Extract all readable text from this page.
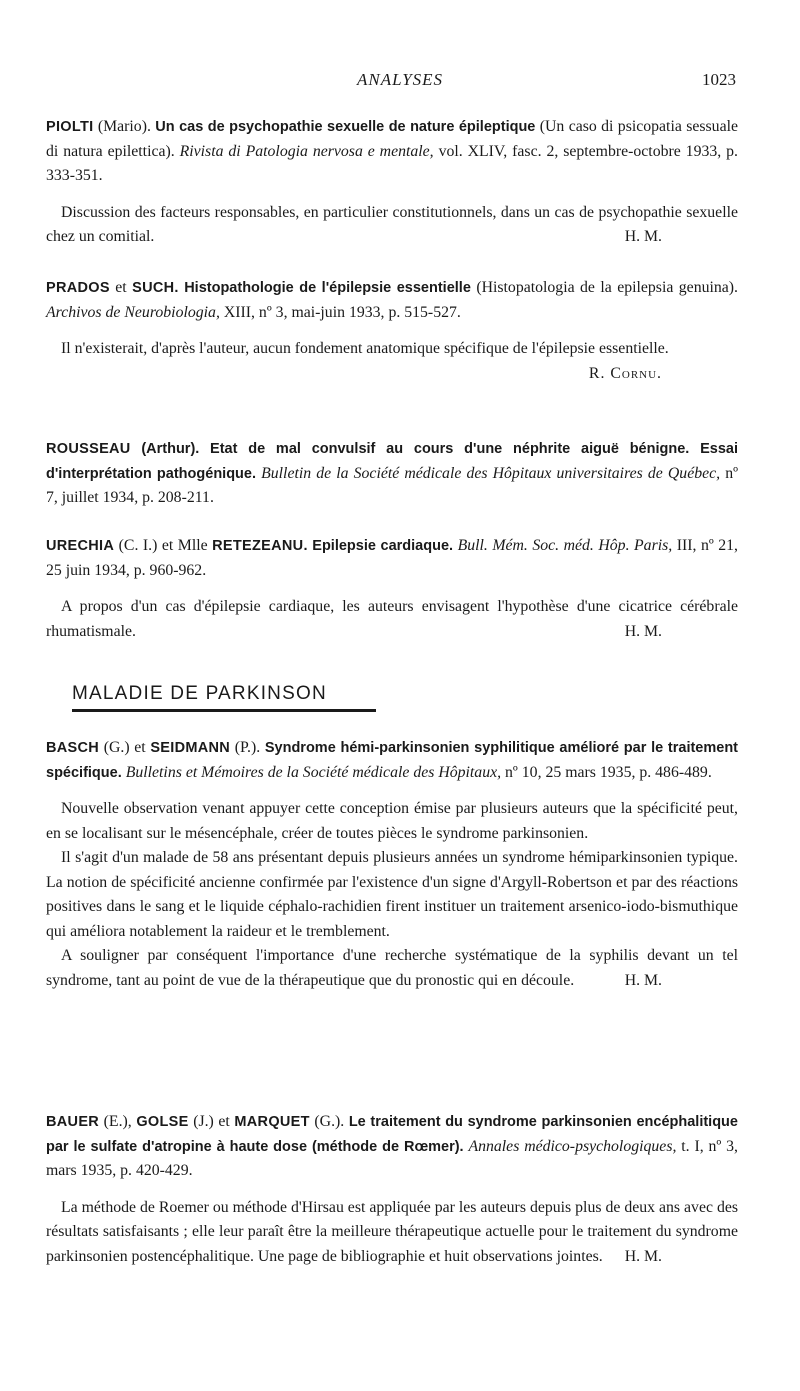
ANALYSES	1023
PIOLTI (Mario). Un cas de psychopathie sexuelle de nature épileptique (Un caso di psicopatia sessuale di natura epilettica). Rivista di Patologia nervosa e mentale, vol. XLIV, fasc. 2, septembre-octobre 1933, p. 333-351.

Discussion des facteurs responsables, en particulier constitutionnels, dans un cas de psychopathie sexuelle chez un comitial.	H. M.

PRADOS et SUCH. Histopathologie de l'épilepsie essentielle (Histopatologia de la epilepsia genuina). Archivos de Neurobiologia, XIII, nº 3, mai-juin 1933, p. 515-527.

Il n'existerait, d'après l'auteur, aucun fondement anatomique spécifique de l'épilepsie essentielle.
R. Cornu.

ROUSSEAU (Arthur). Etat de mal convulsif au cours d'une néphrite aiguë bénigne. Essai d'interprétation pathogénique. Bulletin de la Société médicale des Hôpitaux universitaires de Québec, nº 7, juillet 1934, p. 208-211.
URECHIA (C. I.) et Mlle RETEZEANU. Epilepsie cardiaque. Bull. Mém. Soc. méd. Hôp. Paris, III, nº 21, 25 juin 1934, p. 960-962.

A propos d'un cas d'épilepsie cardiaque, les auteurs envisagent l'hypothèse d'une cicatrice cérébrale rhumatismale.	H. M.

MALADIE DE PARKINSON
BASCH (G.) et SEIDMANN (P.). Syndrome hémi-parkinsonien syphilitique amélioré par le traitement spécifique. Bulletins et Mémoires de la Société médicale des Hôpitaux, nº 10, 25 mars 1935, p. 486-489.

Nouvelle observation venant appuyer cette conception émise par plusieurs auteurs que la spécificité peut, en se localisant sur le mésencéphale, créer de toutes pièces le syndrome parkinsonien.

Il s'agit d'un malade de 58 ans présentant depuis plusieurs années un syndrome hémiparkinsonien typique. La notion de spécificité ancienne confirmée par l'existence d'un signe d'Argyll-Robertson et par des réactions positives dans le sang et le liquide céphalo-rachidien firent instituer un traitement arsenico-iodo-bismuthique qui améliora notablement la raideur et le tremblement.

A souligner par conséquent l'importance d'une recherche systématique de la syphilis devant un tel syndrome, tant au point de vue de la thérapeutique que du pronostic qui en découle.	H. M.

BAUER (E.), GOLSE (J.) et MARQUET (G.). Le traitement du syndrome parkinsonien encéphalitique par le sulfate d'atropine à haute dose (méthode de Rœmer). Annales médico-psychologiques, t. I, nº 3, mars 1935, p. 420-429.

La méthode de Roemer ou méthode d'Hirsau est appliquée par les auteurs depuis plus de deux ans avec des résultats satisfaisants ; elle leur paraît être la meilleure thérapeutique actuelle pour le traitement du syndrome parkinsonien postencéphalitique. Une page de bibliographie et huit observations jointes.	H. M.
